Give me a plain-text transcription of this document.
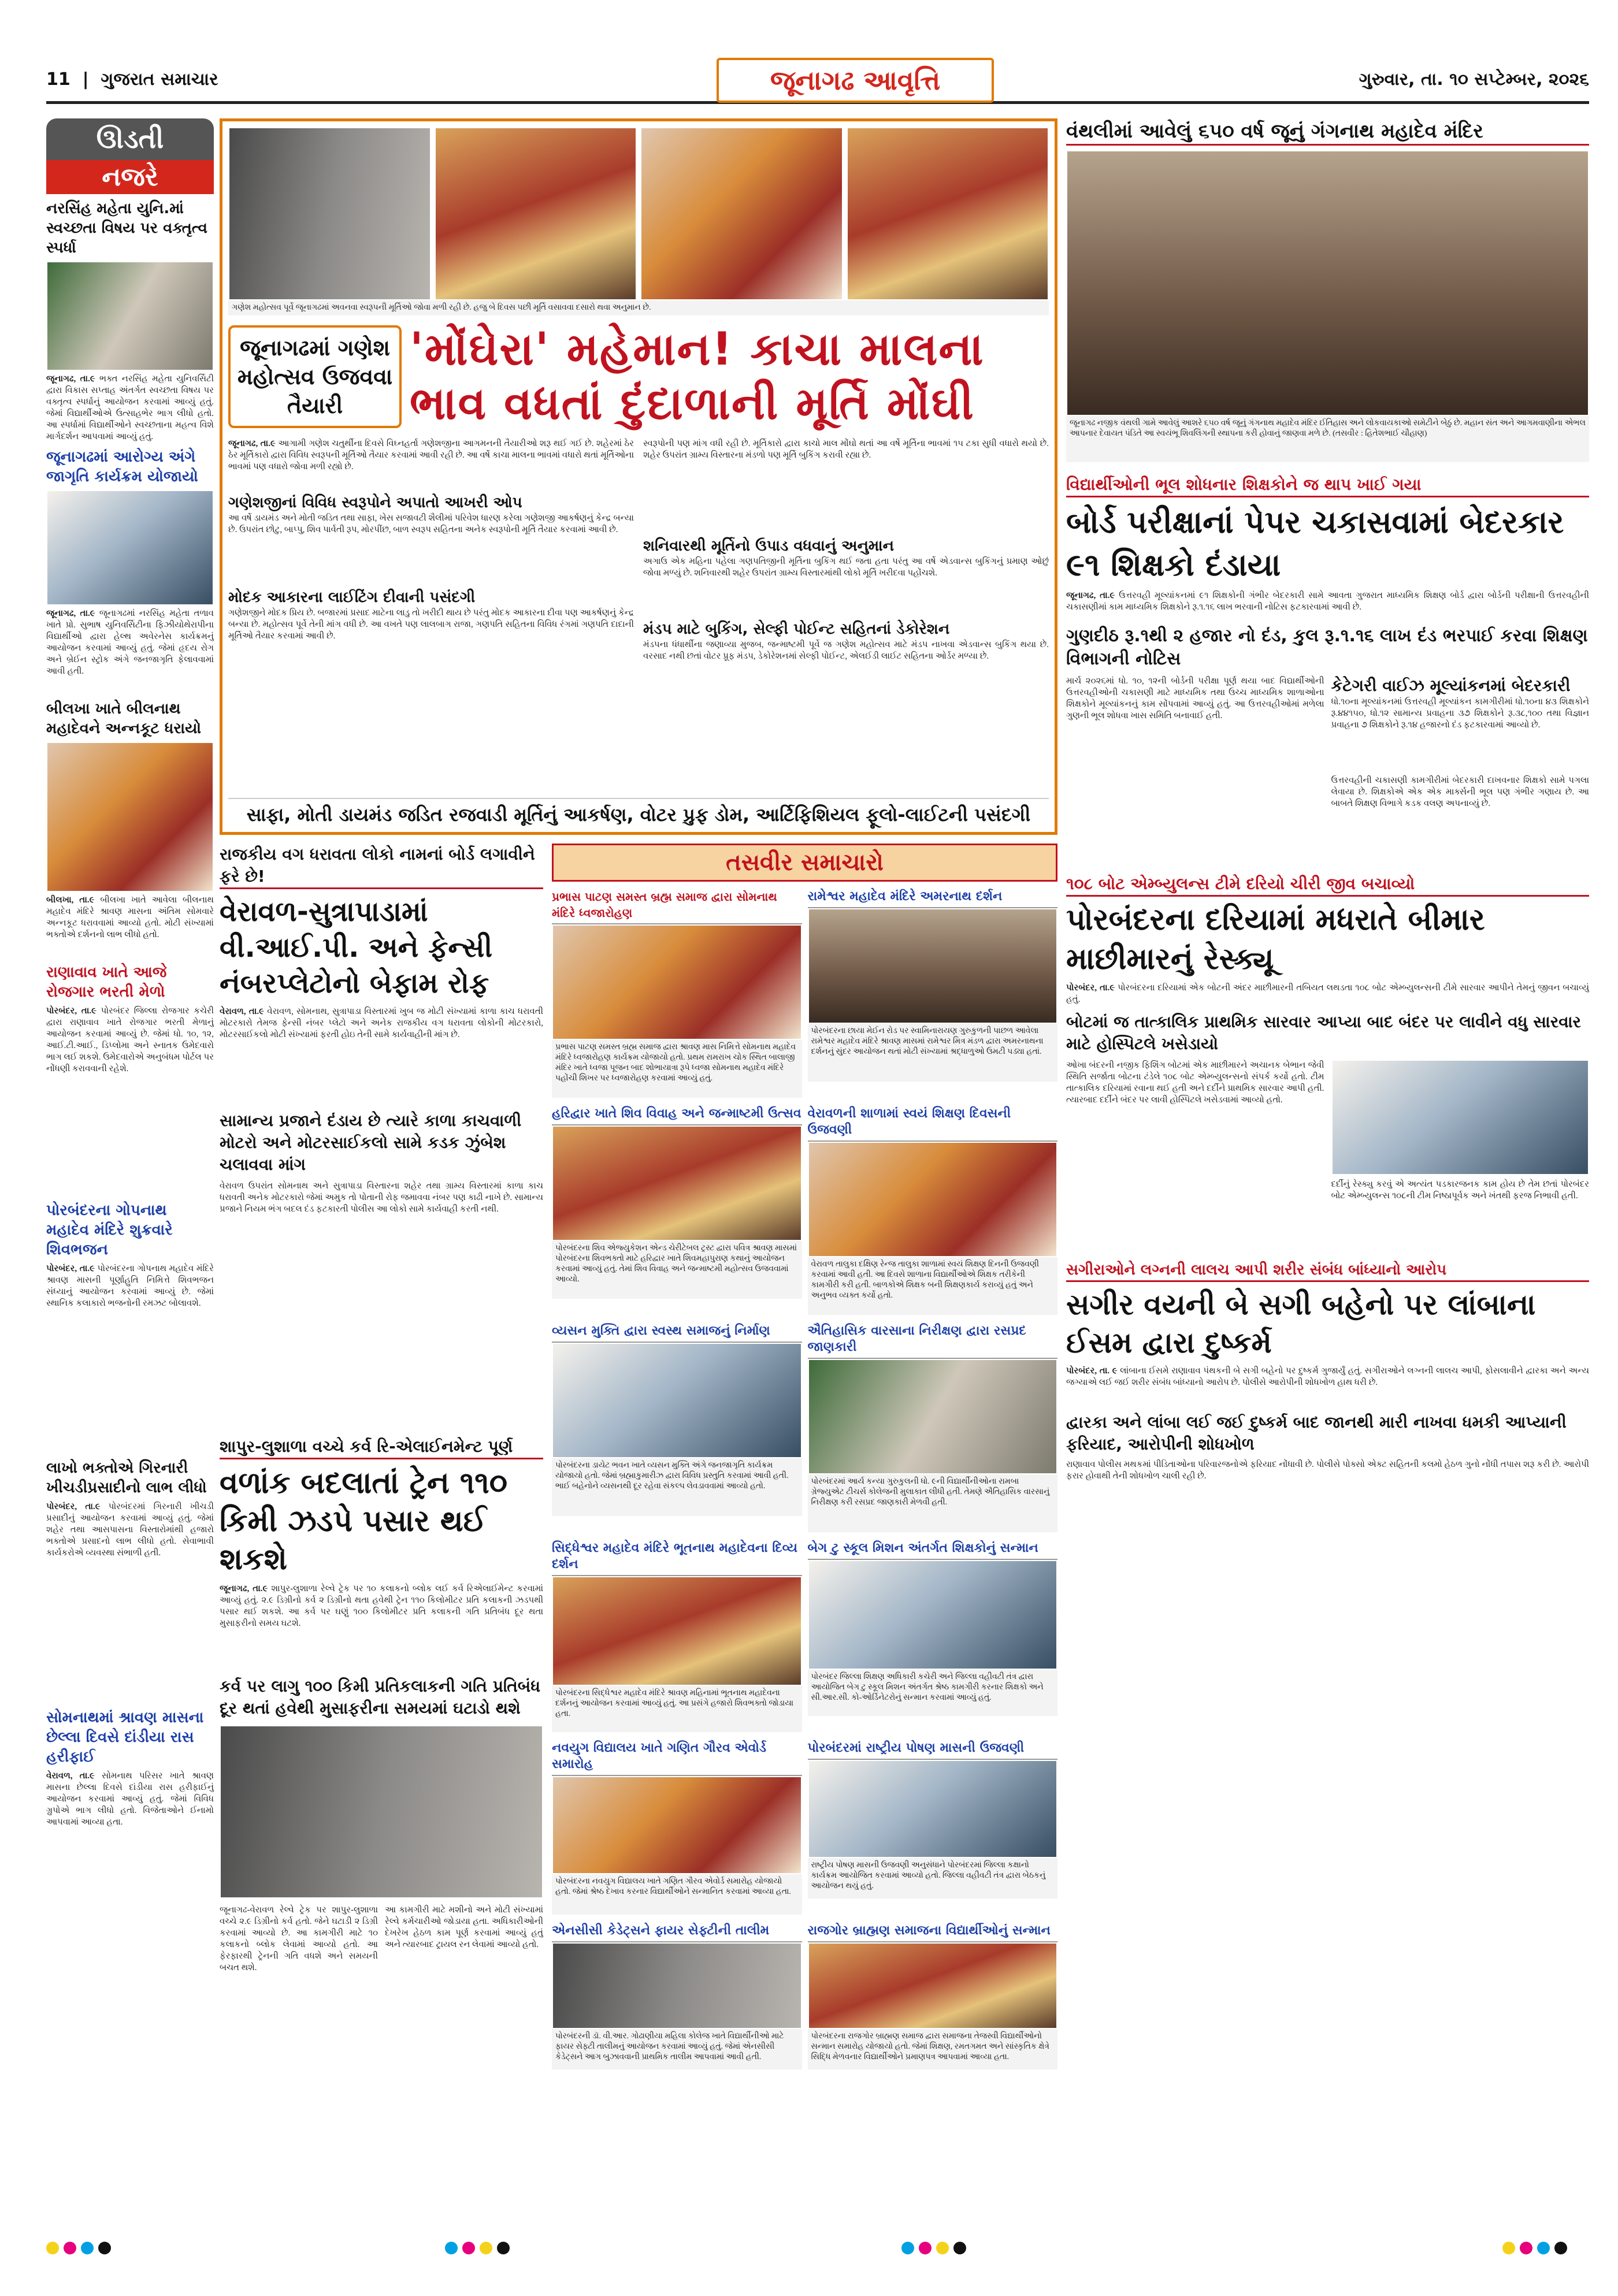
11  |  ગુજરાત સમાચાર	જૂનાગઢ આવૃત્તિ	ગુરુવાર, તા. ૧૦ સપ્ટેમ્બર, ૨૦૨૬
ઊડતી
નજરે
નરસિંહ મહેતા યુનિ.માં સ્વચ્છતા વિષય પર વક્તૃત્વ સ્પર્ધા
જૂનાગઢ, તા.૯ ભક્ત નરસિંહ મહેતા યુનિવર્સિટી દ્વારા વિકાસ સપ્તાહ અંતર્ગત સ્વચ્છતા વિષય પર વક્તૃત્વ સ્પર્ધાનું આયોજન કરવામાં આવ્યું હતું. જેમાં વિદ્યાર્થીઓએ ઉત્સાહભેર ભાગ લીધો હતો. આ સ્પર્ધામાં વિદ્યાર્થીઓને સ્વચ્છતાના મહત્વ વિશે માર્ગદર્શન આપવામાં આવ્યું હતું.
જૂનાગઢમાં આરોગ્ય અંગે જાગૃતિ કાર્યક્રમ યોજાયો
જૂનાગઢ, તા.૯ જૂનાગઢમાં નરસિંહ મહેતા તળાવ ખાતે પ્રો. સુભાષ યુનિવર્સિટીના ફિઝીયોથેરાપીના વિદ્યાર્થીઓ દ્વારા હેલ્થ અવેરનેસ કાર્યક્રમનું આયોજન કરવામાં આવ્યું હતું. જેમાં હૃદય રોગ અને બ્રેઈન સ્ટ્રોક અંગે જનજાગૃતિ ફેલાવવામાં આવી હતી.
બીલખા ખાતે બીલનાથ મહાદેવને અન્નકૂટ ધરાયો
બીલખા, તા.૯ બીલખા ખાતે આવેલા બીલનાથ મહાદેવ મંદિરે શ્રાવણ માસના અંતિમ સોમવારે અન્નકૂટ ધરાવવામાં આવ્યો હતો. મોટી સંખ્યામાં ભક્તોએ દર્શનનો લાભ લીધો હતો.
રાણાવાવ ખાતે આજે રોજગાર ભરતી મેળો
પોરબંદર, તા.૯ પોરબંદર જિલ્લા રોજગાર કચેરી દ્વારા રાણાવાવ ખાતે રોજગાર ભરતી મેળાનું આયોજન કરવામાં આવ્યું છે. જેમાં ધો. ૧૦, ૧૨, આઈ.ટી.આઈ., ડિપ્લોમા અને સ્નાતક ઉમેદવારો ભાગ લઈ શકશે. ઉમેદવારોએ અનુબંધમ પોર્ટલ પર નોંધણી કરાવવાની રહેશે.
પોરબંદરના ગોપનાથ મહાદેવ મંદિરે શુક્રવારે શિવભજન
પોરબંદર, તા.૯ પોરબંદરના ગોપનાથ મહાદેવ મંદિરે શ્રાવણ માસની પૂર્ણાહુતિ નિમિત્તે શિવભજન સંધ્યાનું આયોજન કરવામાં આવ્યું છે. જેમાં સ્થાનિક કલાકારો ભજનોની રમઝટ બોલાવશે.
લાખો ભક્તોએ ગિરનારી ખીચડીપ્રસાદીનો લાભ લીધો
પોરબંદર, તા.૯ પોરબંદરમાં ગિરનારી ખીચડી પ્રસાદીનું આયોજન કરવામાં આવ્યું હતું. જેમાં શહેર તથા આસપાસના વિસ્તારોમાંથી હજારો ભક્તોએ પ્રસાદનો લાભ લીધો હતો. સેવાભાવી કાર્યકરોએ વ્યવસ્થા સંભાળી હતી.
સોમનાથમાં શ્રાવણ માસના છેલ્લા દિવસે દાંડીયા રાસ હરીફાઈ
વેરાવળ, તા.૯ સોમનાથ પરિસર ખાતે શ્રાવણ માસના છેલ્લા દિવસે દાંડીયા રાસ હરીફાઈનું આયોજન કરવામાં આવ્યું હતું. જેમાં વિવિધ ગ્રુપોએ ભાગ લીધો હતો. વિજેતાઓને ઈનામો આપવામાં આવ્યા હતા.
ગણેશ મહોત્સવ પૂર્વે જૂનાગઢમાં અવનવા સ્વરૂપની મૂર્તિઓ જોવા મળી રહી છે. હજુ બે દિવસ પછી મૂર્તિ વસાવવા દસારો થવા અનુમાન છે.
જૂનાગઢમાં ગણેશ મહોત્સવ ઉજવવા તૈયારી
'મોંઘેરા' મહેમાન! કાચા માલના ભાવ વધતાં દુંદાળાની મૂર્તિ મોંઘી
જૂનાગઢ, તા.૯ આગામી ગણેશ ચતુર્થીના દિવસે વિઘ્નહર્તા ગણેશજીના આગમનની તૈયારીઓ શરૂ થઈ ગઈ છે. શહેરમાં ઠેર ઠેર મૂર્તિકારો દ્વારા વિવિધ સ્વરૂપની મૂર્તિઓ તૈયાર કરવામાં આવી રહી છે. આ વર્ષે કાચા માલના ભાવમાં વધારો થતાં મૂર્તિઓના ભાવમાં પણ વધારો જોવા મળી રહ્યો છે.
ગણેશજીનાં વિવિધ સ્વરૂપોને અપાતો આખરી ઓપ
આ વર્ષે ડાયમંડ અને મોતી જડિત તથા સાફા, ખેસ સજાવટી શૈલીમાં પરિવેશ ધારણ કરેલા ગણેશજી આકર્ષણનું કેન્દ્ર બન્યા છે. ઉપરાંત છોટુ, બાપ્પુ, શિવ પાર્વતી રૂપ, મોરપીંછ, બાળ સ્વરૂપ સહિતના અનેક સ્વરૂપોની મૂર્તિ તૈયાર કરવામાં આવી છે.
મોદક આકારના લાઈટિંગ દીવાની પસંદગી
ગણેશજીને મોદક પ્રિય છે. બજારમાં પ્રસાદ માટેના લાડુ તો ખરીદી થાય છે પરંતુ મોદક આકારના દીવા પણ આકર્ષણનું કેન્દ્ર બન્યા છે. મહોત્સવ પૂર્વે તેની માંગ વધી છે. આ વખતે પણ લાલબાગ રાજા, ગણપતિ સહિતના વિવિધ રંગમાં ગણપતિ દાદાની મૂર્તિઓ તૈયાર કરવામાં આવી છે.
સ્વરૂપોની પણ માંગ વધી રહી છે. મૂર્તિકારો દ્વારા કાચો માલ મોંઘો થતાં આ વર્ષે મૂર્તિના ભાવમાં ૧૫ ટકા સુધી વધારો થયો છે. શહેર ઉપરાંત ગ્રામ્ય વિસ્તારના મંડળો પણ મૂર્તિ બુકિંગ કરાવી રહ્યા છે.
શનિવારથી મૂર્તિનો ઉપાડ વધવાનું અનુમાન
અગાઉ એક મહિના પહેલા ગણપતિજીની મૂર્તિના બુકિંગ થઈ જતા હતા પરંતુ આ વર્ષે એડવાન્સ બુકિંગનું પ્રમાણ ઓછું જોવા મળ્યું છે. શનિવારથી શહેર ઉપરાંત ગ્રામ્ય વિસ્તારમાંથી લોકો મૂર્તિ ખરીદવા પહોંચશે.
મંડપ માટે બુકિંગ, સેલ્ફી પોઈન્ટ સહિતનાં ડેકોરેશન
મંડપના ધંધાર્થીના જણાવ્યા મુજબ, જન્માષ્ટમી પૂર્વે જ ગણેશ મહોત્સવ માટે મંડપ નાખવા એડવાન્સ બુકિંગ થયા છે. વરસાદ નથી છતાં વોટર પ્રૂફ મંડપ, ડેકોરેશનમાં સેલ્ફી પોઈન્ટ, એલઈડી લાઈટ સહિતના ઓર્ડર મળ્યા છે.
સાફા, મોતી ડાયમંડ જડિત રજવાડી મૂર્તિનું આકર્ષણ, વોટર પ્રુફ ડોમ, આર્ટિફિશિયલ ફૂલો-લાઈટની પસંદગી
રાજકીય વગ ધરાવતા લોકો નામનાં બોર્ડ લગાવીને ફરે છે!
વેરાવળ-સુત્રાપાડામાં વી.આઈ.પી. અને ફેન્સી નંબરપ્લેટોનો બેફામ રોફ
વેરાવળ, તા.૯ વેરાવળ, સોમનાથ, સુત્રાપાડા વિસ્તારમાં ખુબ જ મોટી સંખ્યામાં કાળા કાચ ધરાવતી મોટરકારો તેમજ ફેન્સી નંબર પ્લેટો અને અનેક રાજકીય વગ ધરાવતા લોકોની મોટરકારો, મોટરસાઈકલો મોટી સંખ્યામાં ફરતી હોઇ તેની સામે કાર્યવાહીની માંગ છે.
સામાન્ય પ્રજાને દંડાય છે ત્યારે કાળા કાચવાળી મોટરો અને મોટરસાઈકલો સામે કડક ઝુંબેશ ચલાવવા માંગ
વેરાવળ ઉપરાંત સોમનાથ અને સુત્રાપાડા વિસ્તારના શહેર તથા ગ્રામ્ય વિસ્તારમાં કાળા કાચ ધરાવતી અનેક મોટરકારો જેમાં અમુક તો પોતાની રોફ જમાવવા નંબર પણ કાઢી નાખે છે. સામાન્ય પ્રજાને નિયમ ભંગ બદલ દંડ ફટકારતી પોલીસ આ લોકો સામે કાર્યવાહી કરતી નથી.
શાપુર-લુશાળા વચ્ચે કર્વ રિ-એલાઈનમેન્ટ પૂર્ણ
વળાંક બદલાતાં ટ્રેન ૧૧૦ કિમી ઝડપે પસાર થઈ શકશે
જૂનાગઢ, તા.૯ શાપુર-લુશાળા રેલ્વે ટ્રેક પર ૧૦ કલાકનો બ્લોક લઈ કર્વ રિએલાઈમેન્ટ કરવામાં આવ્યું હતું. ૨.૯ ડિગ્રીનો કર્વ ૨ ડિગ્રીનો થતા હવેથી ટ્રેન ૧૧૦ કિલોમીટર પ્રતિ કલાકની ઝડપથી પસાર થઈ શકશે. આ કર્વ પર ઘણું ૧૦૦ કિલોમીટર પ્રતિ કલાકની ગતિ પ્રતિબંધ દૂર થતા મુસાફરીનો સમય ઘટશે.
કર્વ પર લાગુ ૧૦૦ કિમી પ્રતિકલાકની ગતિ પ્રતિબંધ દૂર થતાં હવેથી મુસાફરીના સમયમાં ઘટાડો થશે
જૂનાગઢ-વેરાવળ રેલ્વે ટ્રેક પર શાપુર-લુશાળા વચ્ચે ૨.૯ ડિગ્રીનો કર્વ હતો. જેને ઘટાડી ૨ ડિગ્રી કરવામાં આવ્યો છે. આ કામગીરી માટે ૧૦ કલાકનો બ્લોક લેવામાં આવ્યો હતો. આ ફેરફારથી ટ્રેનની ગતિ વધશે અને સમયની બચત થશે.
આ કામગીરી માટે મશીનો અને મોટી સંખ્યામાં રેલ્વે કર્મચારીઓ જોડાયા હતા. અધિકારીઓની દેખરેખ હેઠળ કામ પૂર્ણ કરવામાં આવ્યું હતું અને ત્યારબાદ ટ્રાયલ રન લેવામાં આવ્યો હતો.
તસવીર સમાચારો
પ્રભાસ પાટણ સમસ્ત બ્રહ્મ સમાજ દ્વારા સોમનાથ મંદિરે ધ્વજારોહણ
પ્રભાસ પાટણ સમસ્ત બ્રહ્મ સમાજ દ્વારા શ્રાવણ માસ નિમિત્તે સોમનાથ મહાદેવ મંદિરે ધ્વજારોહણ કાર્યક્રમ યોજાયો હતો. પ્રથમ રામરાખ ચોક સ્થિત બાલાજી મંદિર ખાતે ધ્વજા પૂજન બાદ શોભાયાત્રા રૂપે ધ્વજા સોમનાથ મહાદેવ મંદિરે પહોંચી શિખર પર ધ્વજારોહણ કરવામાં આવ્યું હતું.
રામેશ્વર મહાદેવ મંદિરે અમરનાથ દર્શન
પોરબંદરના છાયા મેઈન રોડ પર સ્વામિનારાયણ ગુરુકુળની પાછળ આવેલા રામેશ્વર મહાદેવ મંદિરે શ્રાવણ માસમાં રામેશ્વર મિત્ર મંડળ દ્વારા અમરનાથના દર્શનનું સુંદર આયોજન થતાં મોટી સંખ્યામાં શ્રદ્ધાળુઓ ઉમટી પડ્યા હતાં.
હરિદ્વાર ખાતે શિવ વિવાહ અને જન્માષ્ટમી ઉત્સવ
પોરબંદરના શિવ એજ્યુકેશન એન્ડ ચેરીટેબલ ટ્રસ્ટ દ્વારા પવિત્ર શ્રાવણ માસમાં પોરબંદરના શિવભક્તો માટે હરિદ્વાર ખાતે શિવમહાપુરાણ કથાનું આયોજન કરવામાં આવ્યું હતું. તેમાં શિવ વિવાહ અને જન્માષ્ટમી મહોત્સવ ઉજવવામાં આવ્યો.
વેરાવળની શાળામાં સ્વયં શિક્ષણ દિવસની ઉજવણી
વેરાવળ તાલુકા દક્ષિણ રેન્જ તાલુકા શાળામાં સ્વયં શિક્ષણ દિનની ઉજવણી કરવામાં આવી હતી. આ દિવસે શાળાના વિદ્યાર્થીઓએ શિક્ષક તરીકેની કામગીરી કરી હતી. બાળકોએ શિક્ષક બની શિક્ષણકાર્ય કરાવ્યું હતું અને અનુભવ વ્યક્ત કર્યો હતો.
વ્યસન મુક્તિ દ્વારા સ્વસ્થ સમાજનું નિર્માણ
પોરબંદરના ડાયેટ ભવન ખાતે વ્યસન મુક્તિ અંગે જનજાગૃતિ કાર્યક્રમ યોજાયો હતો. જેમાં બ્રહ્માકુમારીઝ દ્વારા વિવિધ પ્રસ્તુતિ કરવામાં આવી હતી. ભાઈ બહેનોને વ્યસનથી દૂર રહેવા સંકલ્પ લેવડાવવામાં આવ્યો હતો.
ઐતિહાસિક વારસાના નિરીક્ષણ દ્વારા રસપ્રદ જાણકારી
પોરબંદરમાં આર્ય કન્યા ગુરુકુલની ધો. ૯ની વિદ્યાર્થીનીઓના રામબા ગ્રેજ્યુએટ ટીચર્સ કોલેજની મુલાકાત લીધી હતી. તેમણે ઐતિહાસિક વારસાનું નિરીક્ષણ કરી રસપ્રદ જાણકારી મેળવી હતી.
સિદ્ધેશ્વર મહાદેવ મંદિરે ભૂતનાથ મહાદેવના દિવ્ય દર્શન
પોરબંદરના સિદ્ધેશ્વર મહાદેવ મંદિરે શ્રાવણ મહિનામાં ભૂતનાથ મહાદેવના દર્શનનું આયોજન કરવામાં આવ્યું હતું. આ પ્રસંગે હજારો શિવભક્તો જોડાયા હતા.
બેગ ટુ સ્કૂલ મિશન અંતર્ગત શિક્ષકોનું સન્માન
પોરબંદર જિલ્લા શિક્ષણ અધિકારી કચેરી અને જિલ્લા વહીવટી તંત્ર દ્વારા આયોજિત બેગ ટુ સ્કૂલ મિશન અંતર્ગત શ્રેષ્ઠ કામગીરી કરનાર શિક્ષકો અને સી.આર.સી. કો-ઓર્ડિનેટરોનું સન્માન કરવામાં આવ્યું હતું.
નવયુગ વિદ્યાલય ખાતે ગણિત ગૌરવ એવોર્ડ સમારોહ
પોરબંદરના નવયુગ વિદ્યાલય ખાતે ગણિત ગૌરવ એવોર્ડ સમારોહ યોજાયો હતો. જેમાં શ્રેષ્ઠ દેખાવ કરનાર વિદ્યાર્થીઓને સન્માનિત કરવામાં આવ્યા હતા.
પોરબંદરમાં રાષ્ટ્રીય પોષણ માસની ઉજવણી
રાષ્ટ્રીય પોષણ માસની ઉજવણી અનુસંધાને પોરબંદરમાં જિલ્લા કક્ષાનો કાર્યક્રમ આયોજિત કરવામાં આવ્યો હતો. જિલ્લા વહીવટી તંત્ર દ્વારા બેઠકનું આયોજન થયું હતું.
એનસીસી કેડેટ્સને ફાયર સેફ્ટીની તાલીમ
પોરબંદરની ડૉ. વી.આર. ગોઢાણીયા મહિલા કોલેજ ખાતે વિદ્યાર્થીનીઓ માટે ફાયર સેફ્ટી તાલીમનું આયોજન કરવામાં આવ્યું હતું. જેમાં એનસીસી કેડેટ્સને આગ બુઝાવવાની પ્રાથમિક તાલીમ આપવામાં આવી હતી.
રાજગોર બ્રાહ્મણ સમાજના વિદ્યાર્થીઓનું સન્માન
પોરબંદરના રાજગોર બ્રાહ્મણ સમાજ દ્વારા સમાજના તેજસ્વી વિદ્યાર્થીઓનો સન્માન સમારોહ યોજાયો હતો. જેમાં શિક્ષણ, રમતગમત અને સાંસ્કૃતિક ક્ષેત્રે સિદ્ધિ મેળવનાર વિદ્યાર્થીઓને પ્રમાણપત્ર આપવામાં આવ્યા હતા.
વંથલીમાં આવેલું ૬૫૦ વર્ષ જૂનું ગંગનાથ મહાદેવ મંદિર
જૂનાગઢ નજીક વંથલી ગામે આવેલું આશરે ૬૫૦ વર્ષ જૂનું ગંગનાથ મહાદેવ મંદિર ઈતિહાસ અને લોકવાયકાઓ સમેટીને બેઠું છે. મહાન સંત અને આગમવાણીના એભલ આપનાર દેવાયત પંડિતે આ સ્વયંભૂ શિવલિંગની સ્થાપના કરી હોવાનું જાણવા મળે છે. (તસવીર : હિતેશભાઈ ચૌહાણ)
વિદ્યાર્થીઓની ભૂલ શોધનાર શિક્ષકોને જ થાપ ખાઈ ગયા
બોર્ડ પરીક્ષાનાં પેપર ચકાસવામાં બેદરકાર ૯૧ શિક્ષકો દંડાયા
જૂનાગઢ, તા.૯ ઉત્તરવહી મૂલ્યાંકનમાં ૯૧ શિક્ષકોની ગંભીર બેદરકારી સામે આવતા ગુજરાત માધ્યમિક શિક્ષણ બોર્ડ દ્વારા બોર્ડની પરીક્ષાની ઉત્તરવહીની ચકાસણીમાં કામ માધ્યમિક શિક્ષકોને રૂ.૧.૧૬ લાખ ભરવાની નોટિસ ફટકારવામાં આવી છે.
ગુણદીઠ રૂ.૧થી ૨ હજાર નો દંડ, કુલ રૂ.૧.૧૬ લાખ દંડ ભરપાઈ કરવા શિક્ષણ વિભાગની નોટિસ
માર્ચ ૨૦૨૬માં ધો. ૧૦, ૧૨ની બોર્ડની પરીક્ષા પૂર્ણ થયા બાદ વિદ્યાર્થીઓની ઉત્તરવહીઓની ચકાસણી માટે માધ્યમિક તથા ઉચ્ચ માધ્યમિક શાળાઓના શિક્ષકોને મૂલ્યાંકનનું કામ સોંપવામાં આવ્યું હતું. આ ઉત્તરવહીઓમાં મળેલા ગુણની ભૂલ શોધવા ખાસ સમિતિ બનાવાઈ હતી.
કેટેગરી વાઈઝ મૂલ્યાંકનમાં બેદરકારી
ધો.૧૦ના મૂલ્યાંકનમાં ઉત્તરવહી મૂલ્યાંકન કામગીરીમાં ધો.૧૦ના ૪૩ શિક્ષકોને રૂ.૪૪૧૫૦, ધો.૧૨ સામાન્ય પ્રવાહના ૩૭ શિક્ષકોને રૂ.૩૮,૧૦૦ તથા વિજ્ઞાન પ્રવાહના ૭ શિક્ષકોને રૂ.૧૪ હજારનો દંડ ફટકારવામાં આવ્યો છે.
ઉત્તરવહીની ચકાસણી કામગીરીમાં બેદરકારી દાખવનાર શિક્ષકો સામે પગલા લેવાયા છે. શિક્ષકોએ એક એક માર્ક્સની ભૂલ પણ ગંભીર ગણાય છે. આ બાબતે શિક્ષણ વિભાગે કડક વલણ અપનાવ્યું છે.
૧૦૮ બોટ એમ્બ્યુલન્સ ટીમે દરિયો ચીરી જીવ બચાવ્યો
પોરબંદરના દરિયામાં મધરાતે બીમાર માછીમારનું રેસ્ક્યૂ
પોરબંદર, તા.૯ પોરબંદરના દરિયામાં એક બોટની અંદર માછીમારની તબિયત લથડતા ૧૦૮ બોટ એમ્બ્યુલન્સની ટીમે સારવાર આપીને તેમનું જીવન બચાવ્યું હતું.
બોટમાં જ તાત્કાલિક પ્રાથમિક સારવાર આપ્યા બાદ બંદર પર લાવીને વધુ સારવાર માટે હોસ્પિટલે ખસેડાયો
ઓખા બંદરની નજીક ફિશિંગ બોટમાં એક માછીમારને અચાનક બેભાન જેવી સ્થિતિ સર્જાતા બોટના ટંડેલે ૧૦૮ બોટ એમ્બ્યુલન્સનો સંપર્ક કર્યો હતો. ટીમ તાત્કાલિક દરિયામાં રવાના થઈ હતી અને દર્દીને પ્રાથમિક સારવાર આપી હતી. ત્યારબાદ દર્દીને બંદર પર લાવી હોસ્પિટલે ખસેડવામાં આવ્યો હતો.
દર્દીનું રેસ્ક્યુ કરવું એ અત્યંત પડકારજનક કામ હોય છે તેમ છતાં પોરબંદર બોટ એમ્બ્યુલન્સ ૧૦૮ની ટીમ નિષ્ઠાપૂર્વક અને ખંતથી ફરજ નિભાવી હતી.
સગીરાઓને લગ્નની લાલચ આપી શરીર સંબંધ બાંધ્યાનો આરોપ
સગીર વયની બે સગી બહેનો પર લાંબાના ઈસમ દ્વારા દુષ્કર્મ
પોરબંદર, તા. ૯ લાંબાના ઈસમે રાણાવાવ પંથકની બે સગી બહેનો પર દુષ્કર્મ ગુજાર્યું હતું. સગીરાઓને લગ્નની લાલચ આપી, ફોસલાવીને દ્વારકા અને અન્ય જગ્યાએ લઈ જઈ શરીર સંબંધ બાંધ્યાનો આરોપ છે. પોલીસે આરોપીની શોધખોળ હાથ ધરી છે.
દ્વારકા અને લાંબા લઈ જઈ દુષ્કર્મ બાદ જાનથી મારી નાખવા ધમકી આપ્યાની ફરિયાદ, આરોપીની શોધખોળ
રાણાવાવ પોલીસ મથકમાં પીડિતાઓના પરિવારજનોએ ફરિયાદ નોંધાવી છે. પોલીસે પોક્સો એક્ટ સહિતની કલમો હેઠળ ગુનો નોંધી તપાસ શરૂ કરી છે. આરોપી ફરાર હોવાથી તેની શોધખોળ ચાલી રહી છે.
